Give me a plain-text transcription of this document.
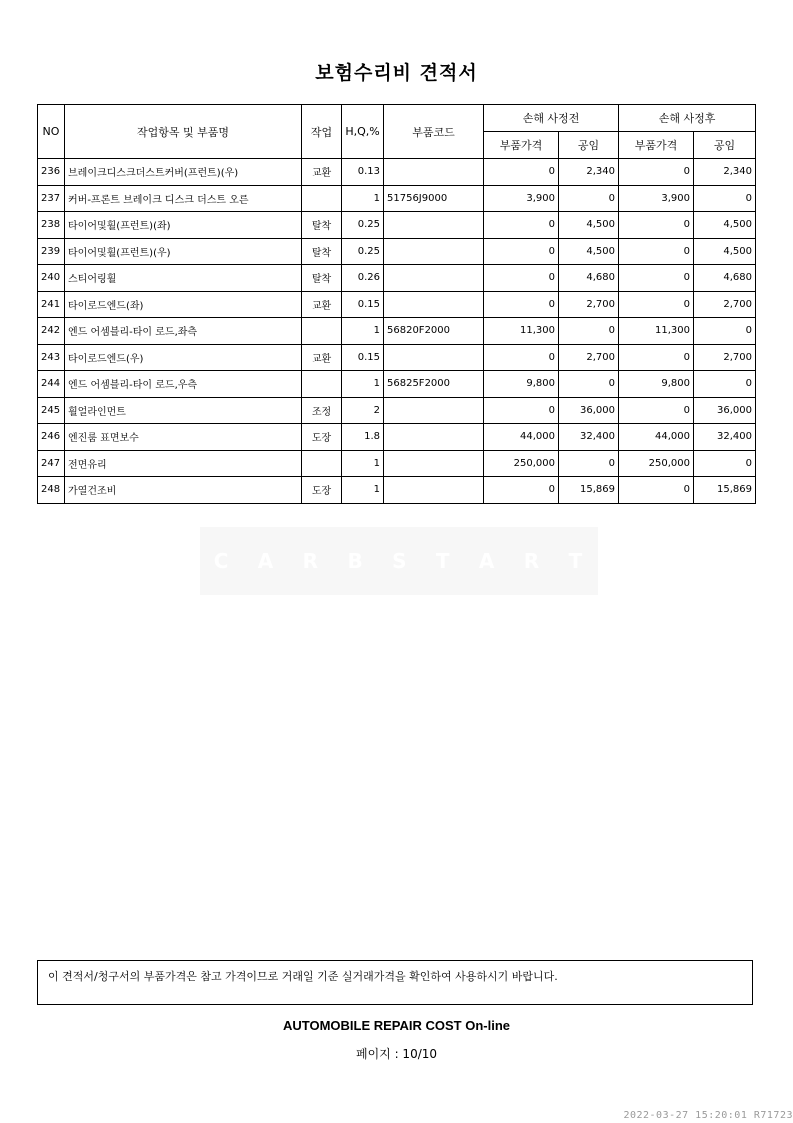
보험수리비 견적서
NO	작업항목 및 부품명	작업	H,Q,%	부품코드	손해 사정전		손해 사정후	
					부품가격	공임	부품가격	공임
236	브레이크디스크더스트커버(프런트)(우)	교환	0.13		0	2,340	0	2,340
237	커버-프론트 브레이크 디스크 더스트 오른		1	51756J9000	3,900	0	3,900	0
238	타이어및휠(프런트)(좌)	탈착	0.25		0	4,500	0	4,500
239	타이어및휠(프런트)(우)	탈착	0.25		0	4,500	0	4,500
240	스티어링휠	탈착	0.26		0	4,680	0	4,680
241	타이로드엔드(좌)	교환	0.15		0	2,700	0	2,700
242	엔드 어셈블리-타이 로드,좌측		1	56820F2000	11,300	0	11,300	0
243	타이로드엔드(우)	교환	0.15		0	2,700	0	2,700
244	엔드 어셈블리-타이 로드,우측		1	56825F2000	9,800	0	9,800	0
245	휠얼라인먼트	조정	2		0	36,000	0	36,000
246	엔진룸 표면보수	도장	1.8		44,000	32,400	44,000	32,400
247	전면유리		1		250,000	0	250,000	0
248	가열건조비	도장	1		0	15,869	0	15,869
C A R B S T A R T
이 견적서/청구서의 부품가격은 참고 가격이므로 거래일 기준 실거래가격을 확인하여 사용하시기 바랍니다.
AUTOMOBILE REPAIR COST On-line
페이지 : 10/10
2022-03-27 15:20:01 R71723
